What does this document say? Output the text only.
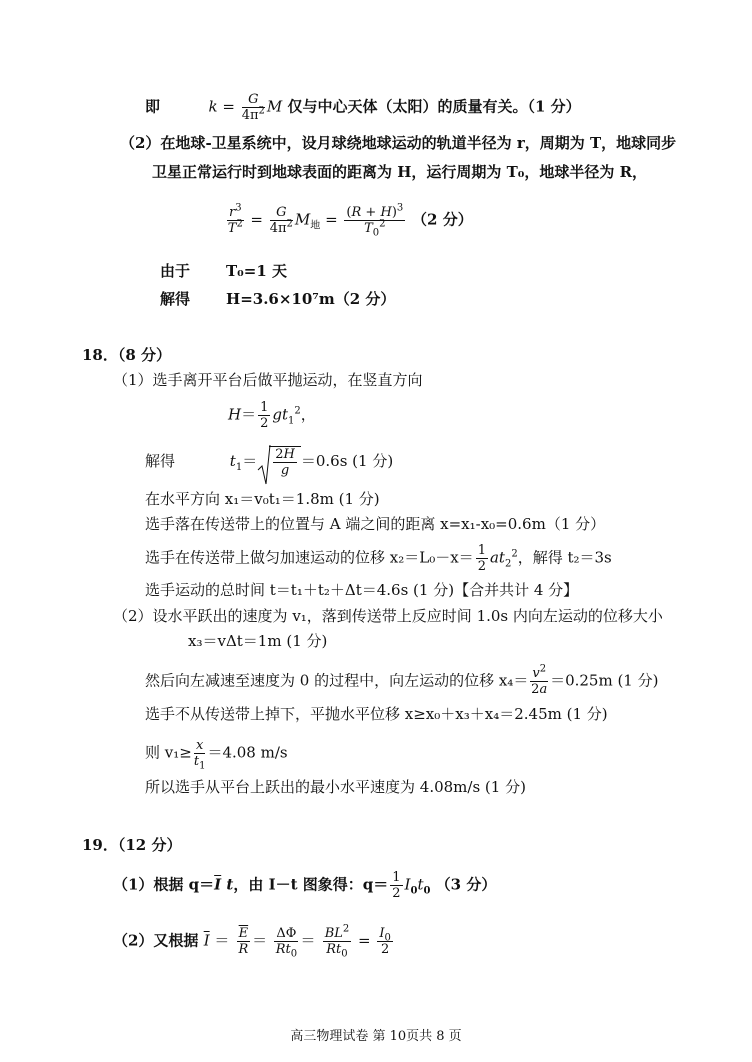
即	$k = \frac{G}{4\pi^2}$ M 仅与中心天体（太阳）的质量有关。（1 分）
（2）在地球-卫星系统中，设月球绕地球运动的轨道半径为 r，周期为 T，地球同步
卫星正常运行时到地球表面的距离为 H，运行周期为 T₀，地球半径为 R，
$\frac{r^3}{T^2} = \frac{G}{4\pi^2} M_地 = \frac{(R + H)^3}{T_0^2} (2$ 分）
由于 T₀=1 天
解得 H=3.6×10⁷m（2 分）
18．（8 分）
（1）选手离开平台后做平抛运动，在竖直方向
$H= \frac{1}{2} gt_1^2$，
解得	$t_1= \frac{2H}{g} =0.6s$ (1 分)
在水平方向 x₁＝v₀t₁＝1.8m (1 分)
选手落在传送带上的位置与 A 端之间的距离 x=x₁-x₀=0.6m（1 分）
选手在传送带上做匀加速运动的位移 $x_2=L_0-x= \frac{1}{2} at_2^2$，解得 t₂＝3s
选手运动的总时间 t＝t₁＋t₂＋Δt＝4.6s (1 分)【合并共计 4 分】
（2）设水平跃出的速度为 v₁，落到传送带上反应时间 1.0s 内向左运动的位移大小
x₃＝vΔt＝1m (1 分)
然后向左减速至速度为 0 的过程中，向左运动的位移 $x_4= \frac{v^2}{2a} =0.25m$ (1 分)
选手不从传送带上掉下，平抛水平位移 x≥x₀＋x₃＋x₄＝2.45m (1 分)
则 $v_1\ge \frac{x}{t_1} =4.08$ m/s
所以选手从平台上跃出的最小水平速度为 4.08m/s (1 分)
19．（12 分）
（1）根据 $q=\overline{I}$ t，由 I－t 图象得：$q= \frac{1}{2} I_0t_0$ （3 分）
（2）又根据 $\overline{I} = \frac{\overline{E}}{R} = \frac{\Delta\Phi}{Rt_0} = \frac{BL^2}{Rt_0} = \frac{I_0}{2}$
高三物理试卷 第 10页共 8 页
